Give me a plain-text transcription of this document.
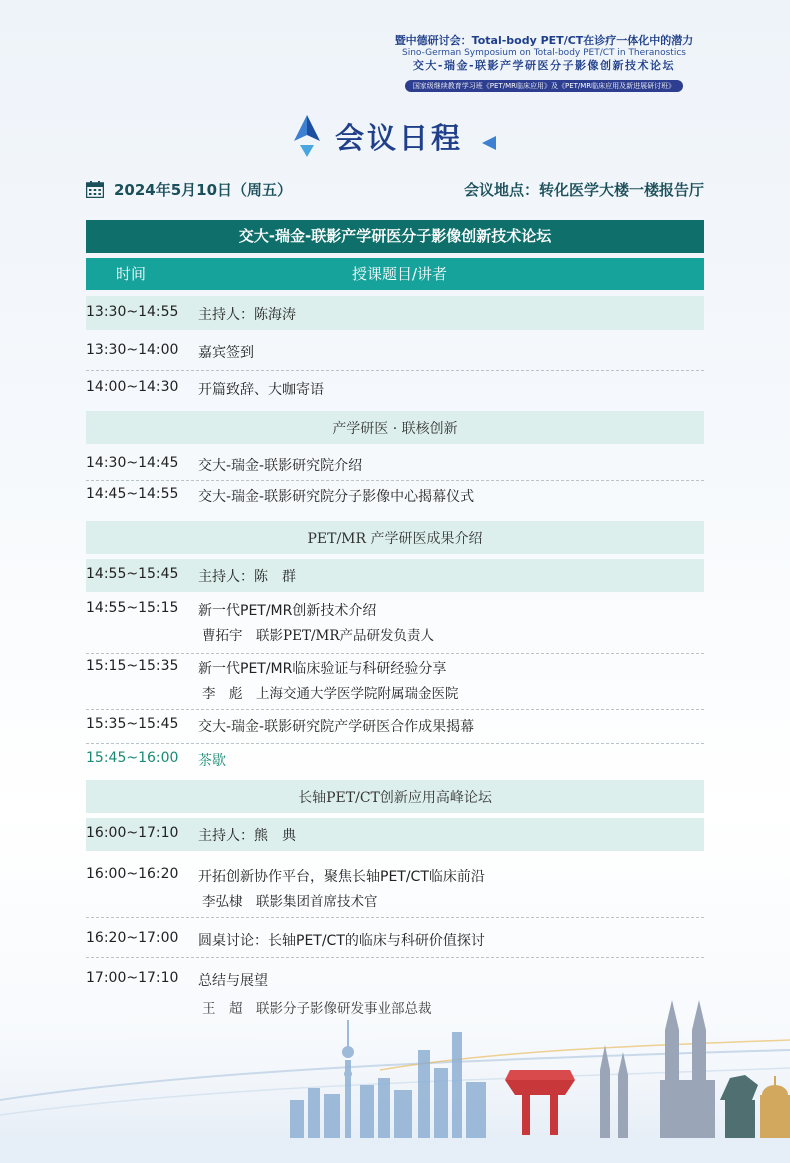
暨中德研讨会：Total-body PET/CT在诊疗一体化中的潜力
Sino-German Symposium on Total-body PET/CT in Theranostics
交大-瑞金-联影产学研医分子影像创新技术论坛
国家级继续教育学习班《PET/MR临床应用》及《PET/MR临床应用及新进展研讨班》
会议日程
2024年5月10日（周五）	会议地点：转化医学大楼一楼报告厅
交大-瑞金-联影产学研医分子影像创新技术论坛
时间	授课题目/讲者
13:30~14:55 主持人：陈海涛
13:30~14:00 嘉宾签到
14:00~14:30 开篇致辞、大咖寄语
产学研医 · 联核创新
14:30~14:45 交大-瑞金-联影研究院介绍
14:45~14:55 交大-瑞金-联影研究院分子影像中心揭幕仪式
PET/MR 产学研医成果介绍
14:55~15:45 主持人：陈　群
14:55~15:15 新一代PET/MR创新技术介绍
曹拓宇　联影PET/MR产品研发负责人
15:15~15:35 新一代PET/MR临床验证与科研经验分享
李　彪　上海交通大学医学院附属瑞金医院
15:35~15:45 交大-瑞金-联影研究院产学研医合作成果揭幕
15:45~16:00 茶歇
长轴PET/CT创新应用高峰论坛
16:00~17:10 主持人：熊　典
16:00~16:20 开拓创新协作平台，聚焦长轴PET/CT临床前沿
李弘棣　联影集团首席技术官
16:20~17:00 圆桌讨论：长轴PET/CT的临床与科研价值探讨
17:00~17:10 总结与展望
